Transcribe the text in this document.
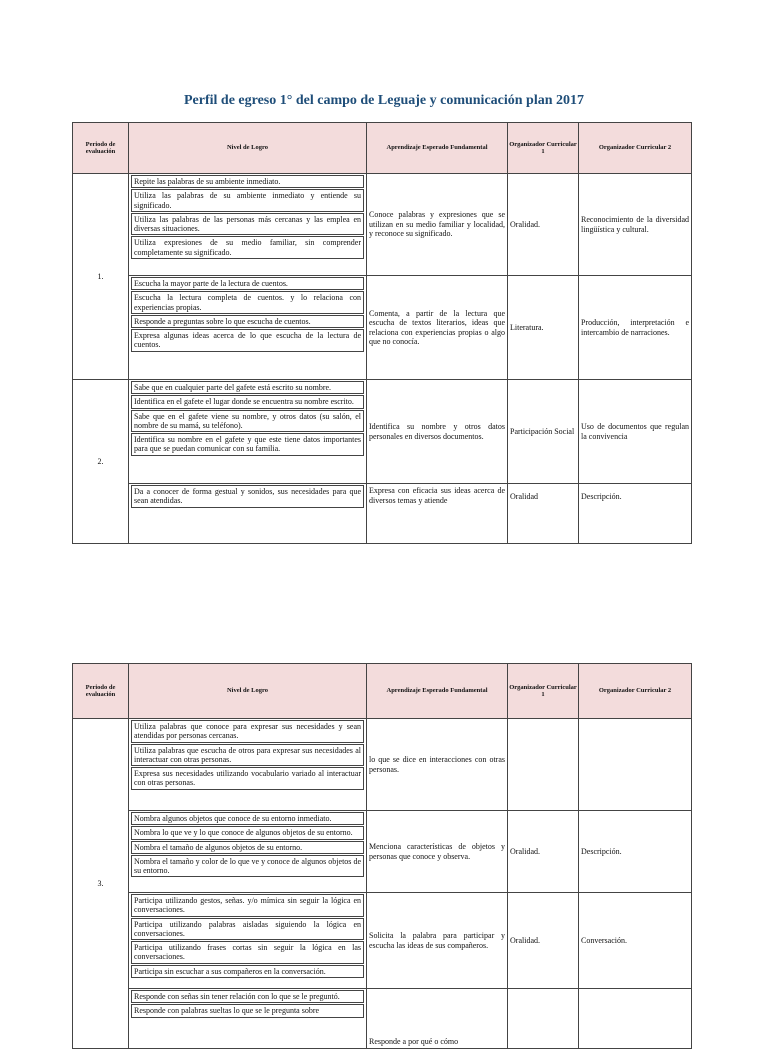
Perfil de egreso 1° del campo de Leguaje y comunicación plan 2017
Periodo de evaluación	Nivel de Logro	Aprendizaje Esperado Fundamental	Organizador Curricular 1	Organizador Curricular 2
1.	Repite las palabras de su ambiente inmediato.
Utiliza las palabras de su ambiente inmediato y entiende su significado.
Utiliza las palabras de las personas más cercanas y las emplea en diversas situaciones.
Utiliza expresiones de su medio familiar, sin comprender completamente su significado.	Conoce palabras y expresiones que se utilizan en su medio familiar y localidad, y reconoce su significado.	Oralidad.	Reconocimiento de la diversidad lingüística y cultural.

	Escucha la mayor parte de la lectura de cuentos.
Escucha la lectura completa de cuentos. y lo relaciona con experiencias propias.
Responde a preguntas sobre lo que escucha de cuentos.
Expresa algunas ideas acerca de lo que escucha de la lectura de cuentos.	Comenta, a partir de la lectura que escucha de textos literarios, ideas que relaciona con experiencias propias o algo que no conocía.	Literatura.	Producción, interpretación e intercambio de narraciones.
2.	Sabe que en cualquier parte del gafete está escrito su nombre.
Identifica en el gafete el lugar donde se encuentra su nombre escrito.
Sabe que en el gafete viene su nombre, y otros datos (su salón, el nombre de su mamá, su teléfono).
Identifica su nombre en el gafete y que este tiene datos importantes para que se puedan comunicar con su familia.	Identifica su nombre y otros datos personales en diversos documentos.	Participación Social	Uso de documentos que regulan la convivencia

	Da a conocer de forma gestual y sonidos, sus necesidades para que sean atendidas.	Expresa con eficacia sus ideas acerca de diversos temas y atiende	Oralidad	Descripción.
Periodo de evaluación	Nivel de Logro	Aprendizaje Esperado Fundamental	Organizador Curricular 1	Organizador Curricular 2
3.	Utiliza palabras que conoce para expresar sus necesidades y sean atendidas por personas cercanas.
Utiliza palabras que escucha de otros para expresar sus necesidades al interactuar con otras personas.
Expresa sus necesidades utilizando vocabulario variado al interactuar con otras personas.	lo que se dice en interacciones con otras personas.		

	Nombra algunos objetos que conoce de su entorno inmediato.
Nombra lo que ve y lo que conoce de algunos objetos de su entorno.
Nombra el tamaño de algunos objetos de su entorno.
Nombra el tamaño y color de lo que ve y conoce de algunos objetos de su entorno.	Menciona características de objetos y personas que conoce y observa.	Oralidad.	Descripción.

	Participa utilizando gestos, señas. y/o mímica sin seguir la lógica en conversaciones.
Participa utilizando palabras aisladas siguiendo la lógica en conversaciones.
Participa utilizando frases cortas sin seguir la lógica en las conversaciones.
Participa sin escuchar a sus compañeros en la conversación.	Solicita la palabra para participar y escucha las ideas de sus compañeros.	Oralidad.	Conversación.

	Responde con señas sin tener relación con lo que se le preguntó.
Responde con palabras sueltas lo que se le pregunta sobre	Responde a por qué o cómo		
